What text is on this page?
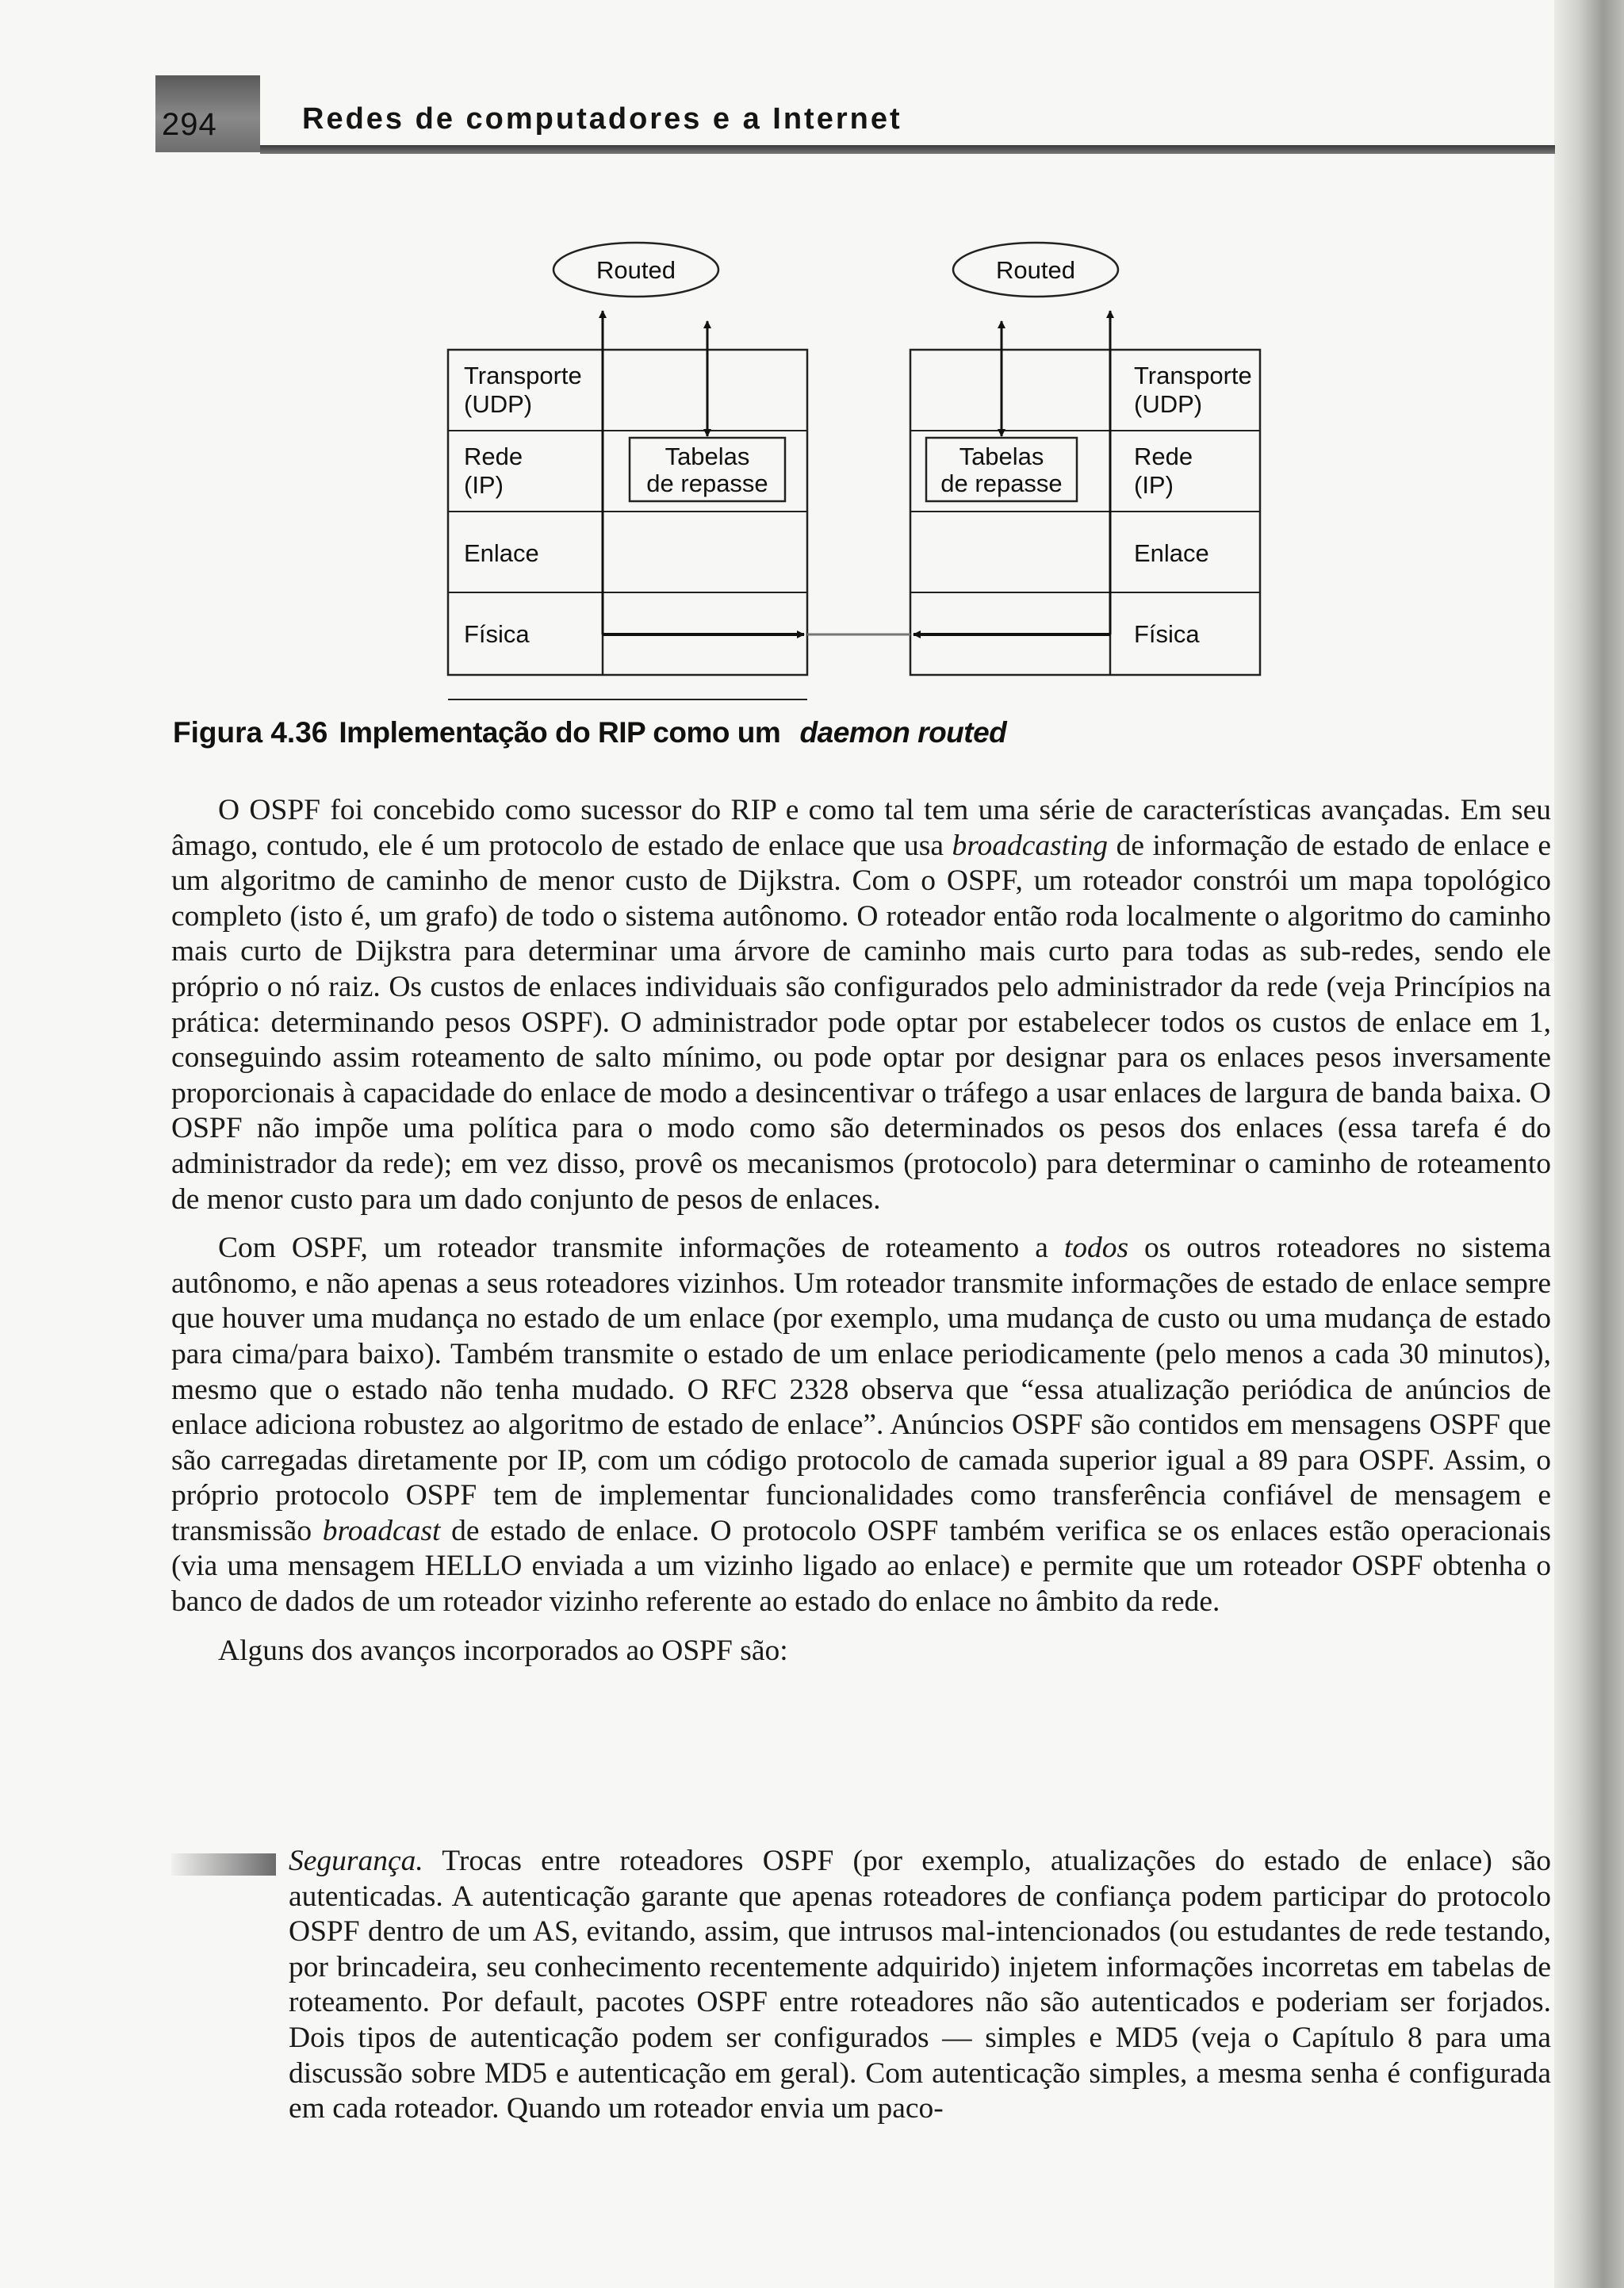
294	Redes de computadores e a Internet
Transporte
(UDP)
Rede
(IP)
Enlace
Física
Tabelas
de repasse
Routed
Transporte
(UDP)
Rede
(IP)
Enlace
Física
Tabelas
de repasse
Routed
Figura 4.36 Implementação do RIP como um daemon routed

O OSPF foi concebido como sucessor do RIP e como tal tem uma série de características avançadas. Em seu âmago, contudo, ele é um protocolo de estado de enlace que usa broadcasting de informação de estado de enlace e um algoritmo de caminho de menor custo de Dijkstra. Com o OSPF, um roteador constrói um mapa topológico completo (isto é, um grafo) de todo o sistema autônomo. O roteador então roda localmente o algoritmo do caminho mais curto de Dijkstra para determinar uma árvore de caminho mais curto para todas as sub-redes, sendo ele próprio o nó raiz. Os custos de enlaces individuais são configurados pelo administrador da rede (veja Princípios na prática: determinando pesos OSPF). O administrador pode optar por estabelecer todos os custos de enlace em 1, conseguindo assim roteamento de salto mínimo, ou pode optar por designar para os enlaces pesos inversamente proporcionais à capacidade do enlace de modo a desincentivar o tráfego a usar enlaces de largura de banda baixa. O OSPF não impõe uma política para o modo como são determinados os pesos dos enlaces (essa tarefa é do administrador da rede); em vez disso, provê os mecanismos (protocolo) para determinar o caminho de roteamento de menor custo para um dado conjunto de pesos de enlaces.

Com OSPF, um roteador transmite informações de roteamento a todos os outros roteadores no sistema autônomo, e não apenas a seus roteadores vizinhos. Um roteador transmite informações de estado de enlace sempre que houver uma mudança no estado de um enlace (por exemplo, uma mudança de custo ou uma mudança de estado para cima/para baixo). Também transmite o estado de um enlace periodicamente (pelo menos a cada 30 minutos), mesmo que o estado não tenha mudado. O RFC 2328 observa que “essa atualização periódica de anúncios de enlace adiciona robustez ao algoritmo de estado de enlace”. Anúncios OSPF são contidos em mensagens OSPF que são carregadas diretamente por IP, com um código protocolo de camada superior igual a 89 para OSPF. Assim, o próprio protocolo OSPF tem de implementar funcionalidades como transferência confiável de mensagem e transmissão broadcast de estado de enlace. O protocolo OSPF também verifica se os enlaces estão operacionais (via uma mensagem HELLO enviada a um vizinho ligado ao enlace) e permite que um roteador OSPF obtenha o banco de dados de um roteador vizinho referente ao estado do enlace no âmbito da rede.

Alguns dos avanços incorporados ao OSPF são:

Segurança. Trocas entre roteadores OSPF (por exemplo, atualizações do estado de enlace) são autenticadas. A autenticação garante que apenas roteadores de confiança podem participar do protocolo OSPF dentro de um AS, evitando, assim, que intrusos mal-intencionados (ou estudantes de rede testando, por brincadeira, seu conhecimento recentemente adquirido) injetem informações incorretas em tabelas de roteamento. Por default, pacotes OSPF entre roteadores não são autenticados e poderiam ser forjados. Dois tipos de autenticação podem ser configurados — simples e MD5 (veja o Capítulo 8 para uma discussão sobre MD5 e autenticação em geral). Com autenticação simples, a mesma senha é configurada em cada roteador. Quando um roteador envia um paco-
